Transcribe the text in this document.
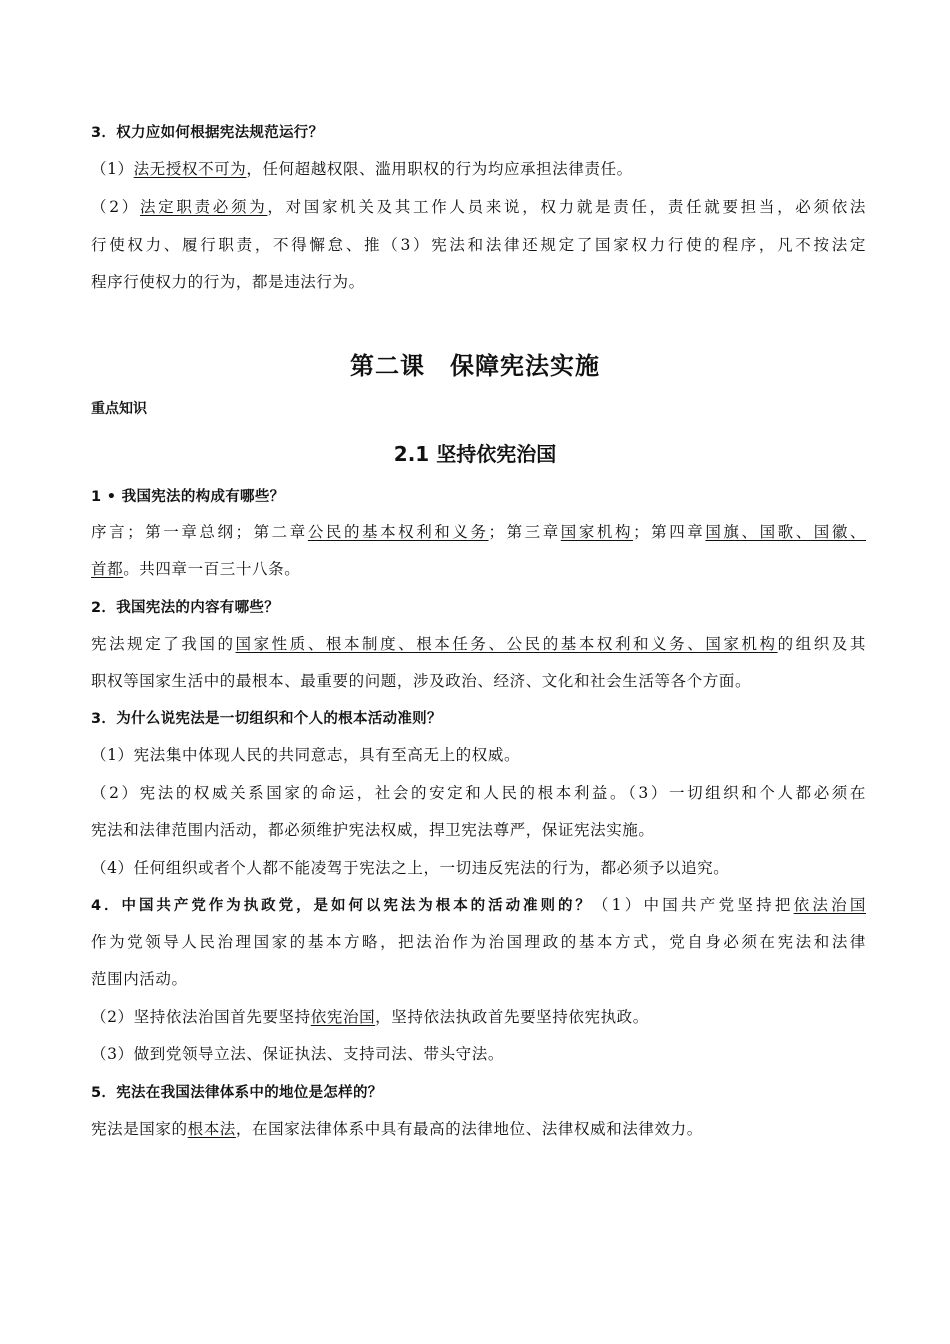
3．权力应如何根据宪法规范运行？
（1）法无授权不可为，任何超越权限、滥用职权的行为均应承担法律责任。
（2）法定职责必须为，对国家机关及其工作人员来说，权力就是责任，责任就要担当，必须依法
行使权力、履行职责，不得懈怠、推（3）宪法和法律还规定了国家权力行使的程序，凡不按法定
程序行使权力的行为，都是违法行为。
第二课　保障宪法实施
重点知识
2.1 坚持依宪治国
1 • 我国宪法的构成有哪些？
序言；第一章总纲；第二章公民的基本权利和义务；第三章国家机构；第四章国旗、国歌、国徽、
首都。共四章一百三十八条。
2．我国宪法的内容有哪些？
宪法规定了我国的国家性质、根本制度、根本任务、公民的基本权利和义务、国家机构的组织及其
职权等国家生活中的最根本、最重要的问题，涉及政治、经济、文化和社会生活等各个方面。
3．为什么说宪法是一切组织和个人的根本活动准则？
（1）宪法集中体现人民的共同意志，具有至高无上的权威。
（2）宪法的权威关系国家的命运，社会的安定和人民的根本利益。（3）一切组织和个人都必须在
宪法和法律范围内活动，都必须维护宪法权威，捍卫宪法尊严，保证宪法实施。
（4）任何组织或者个人都不能凌驾于宪法之上，一切违反宪法的行为，都必须予以追究。
4．中国共产党作为执政党，是如何以宪法为根本的活动准则的？（1）中国共产党坚持把依法治国
作为党领导人民治理国家的基本方略，把法治作为治国理政的基本方式，党自身必须在宪法和法律
范围内活动。
（2）坚持依法治国首先要坚持依宪治国，坚持依法执政首先要坚持依宪执政。
（3）做到党领导立法、保证执法、支持司法、带头守法。
5．宪法在我国法律体系中的地位是怎样的？
宪法是国家的根本法，在国家法律体系中具有最高的法律地位、法律权威和法律效力。
